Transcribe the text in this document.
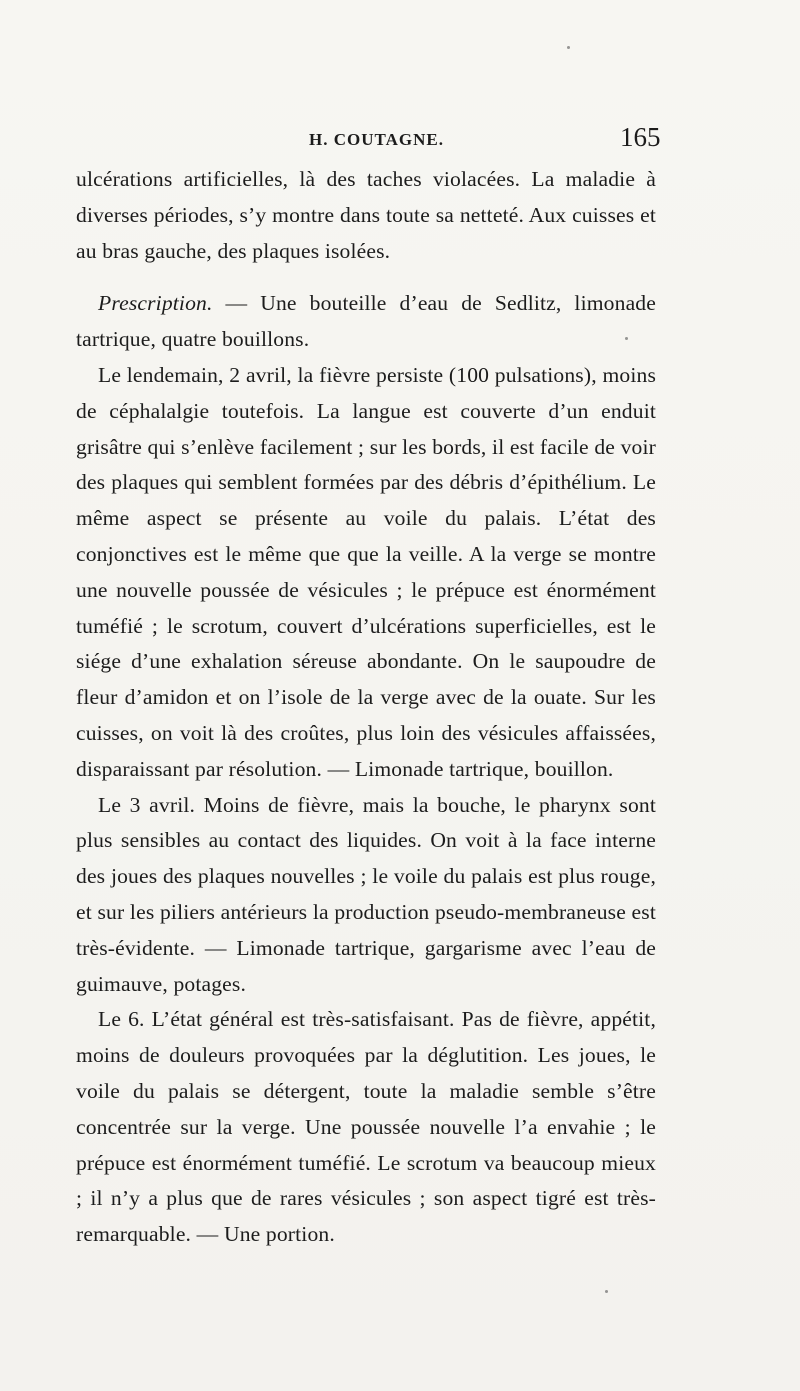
H. COUTAGNE.	165

ulcérations artificielles, là des taches violacées. La maladie à diverses périodes, s’y montre dans toute sa netteté. Aux cuisses et au bras gauche, des plaques isolées.

Prescription. — Une bouteille d’eau de Sedlitz, limonade tartrique, quatre bouillons.

Le lendemain, 2 avril, la fièvre persiste (100 pulsations), moins de céphalalgie toutefois. La langue est couverte d’un enduit grisâtre qui s’enlève facilement ; sur les bords, il est facile de voir des plaques qui semblent formées par des débris d’épithélium. Le même aspect se présente au voile du palais. L’état des conjonctives est le même que que la veille. A la verge se montre une nouvelle poussée de vésicules ; le prépuce est énormément tuméfié ; le scrotum, couvert d’ulcérations superficielles, est le siége d’une exhalation séreuse abondante. On le saupoudre de fleur d’amidon et on l’isole de la verge avec de la ouate. Sur les cuisses, on voit là des croûtes, plus loin des vésicules affaissées, disparaissant par résolution. — Limonade tartrique, bouillon.

Le 3 avril. Moins de fièvre, mais la bouche, le pharynx sont plus sensibles au contact des liquides. On voit à la face interne des joues des plaques nouvelles ; le voile du palais est plus rouge, et sur les piliers antérieurs la production pseudo-membraneuse est très-évidente. — Limonade tartrique, gargarisme avec l’eau de guimauve, potages.

Le 6. L’état général est très-satisfaisant. Pas de fièvre, appétit, moins de douleurs provoquées par la déglutition. Les joues, le voile du palais se détergent, toute la maladie semble s’être concentrée sur la verge. Une poussée nouvelle l’a envahie ; le prépuce est énormément tuméfié. Le scrotum va beaucoup mieux ; il n’y a plus que de rares vésicules ; son aspect tigré est très-remarquable. — Une portion.
